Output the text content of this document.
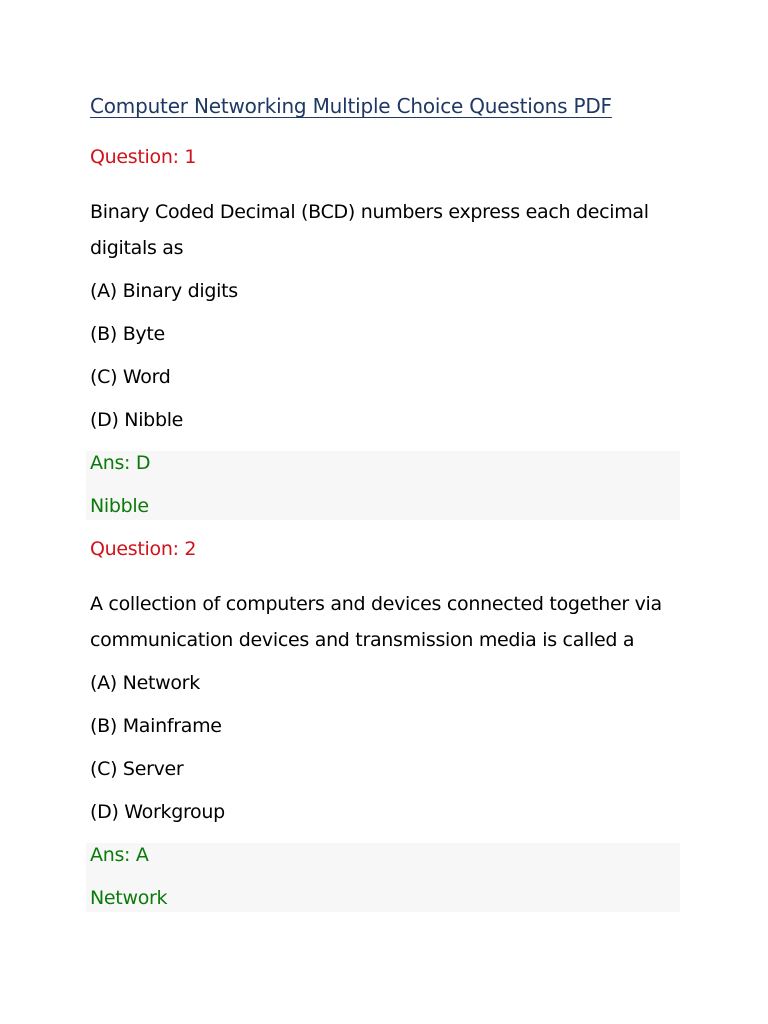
Computer Networking Multiple Choice Questions PDF
Question: 1
Binary Coded Decimal (BCD) numbers express each decimal
digitals as
(A) Binary digits
(B) Byte
(C) Word
(D) Nibble
Ans: D
Nibble
Question: 2
A collection of computers and devices connected together via
communication devices and transmission media is called a
(A) Network
(B) Mainframe
(C) Server
(D) Workgroup
Ans: A
Network
